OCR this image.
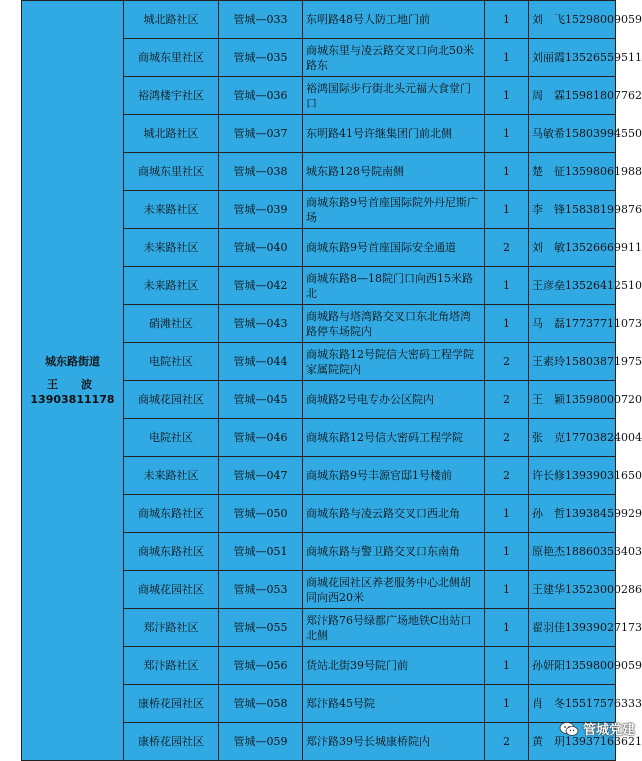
城东路街道
王　波
13903811178	城北路社区	管城—033	东明路48号人防工地门前	1	刘　飞15298009059
	商城东里社区	管城—035	商城东里与凌云路交叉口向北50米路东	1	刘丽霞13526559511
	裕鸿楼宇社区	管城—036	裕鸿国际步行街北头元福大食堂门口	1	周　霖15981807762
	城北路社区	管城—037	东明路41号许继集团门前北侧	1	马敏希15803994550
	商城东里社区	管城—038	城东路128号院南侧	1	楚　征13598061988
	未来路社区	管城—039	商城东路9号首座国际院外丹尼斯广场	1	李　锋15838199876
	未来路社区	管城—040	商城东路9号首座国际安全通道	2	刘　敏13526669911
	未来路社区	管城—042	商城东路8—18院门口向西15米路北	1	王彦垒13526412510
	硝滩社区	管城—043	商城路与塔湾路交叉口东北角塔湾路停车场院内	1	马　磊17737711073
	电院社区	管城—044	商城东路12号院信大密码工程学院家属院院内	2	王素玲15803871975
	商城花园社区	管城—045	商城路2号电专办公区院内	2	王　颖13598000720
	电院社区	管城—046	商城东路12号信大密码工程学院	2	张　克17703824004
	未来路社区	管城—047	商城东路9号丰源官邸1号楼前	2	许长修13939031650
	商城东路社区	管城—050	商城东路与凌云路交叉口西北角	1	孙　哲13938459929
	商城东路社区	管城—051	商城东路与警卫路交叉口东南角	1	原艳杰18860353403
	商城花园社区	管城—053	商城花园社区养老服务中心北侧胡同向西20米	1	王建华13523000286
	郑汴路社区	管城—055	郑汴路76号绿都广场地铁C出站口北侧	1	翟羽佳13939027173
	郑汴路社区	管城—056	货站北街39号院门前	1	孙妍阳13598009059
	康桥花园社区	管城—058	郑汴路45号院	1	肖　冬15517576333
	康桥花园社区	管城—059	郑汴路39号长城康桥院内	2	黄　玥13937163621
管城党建
